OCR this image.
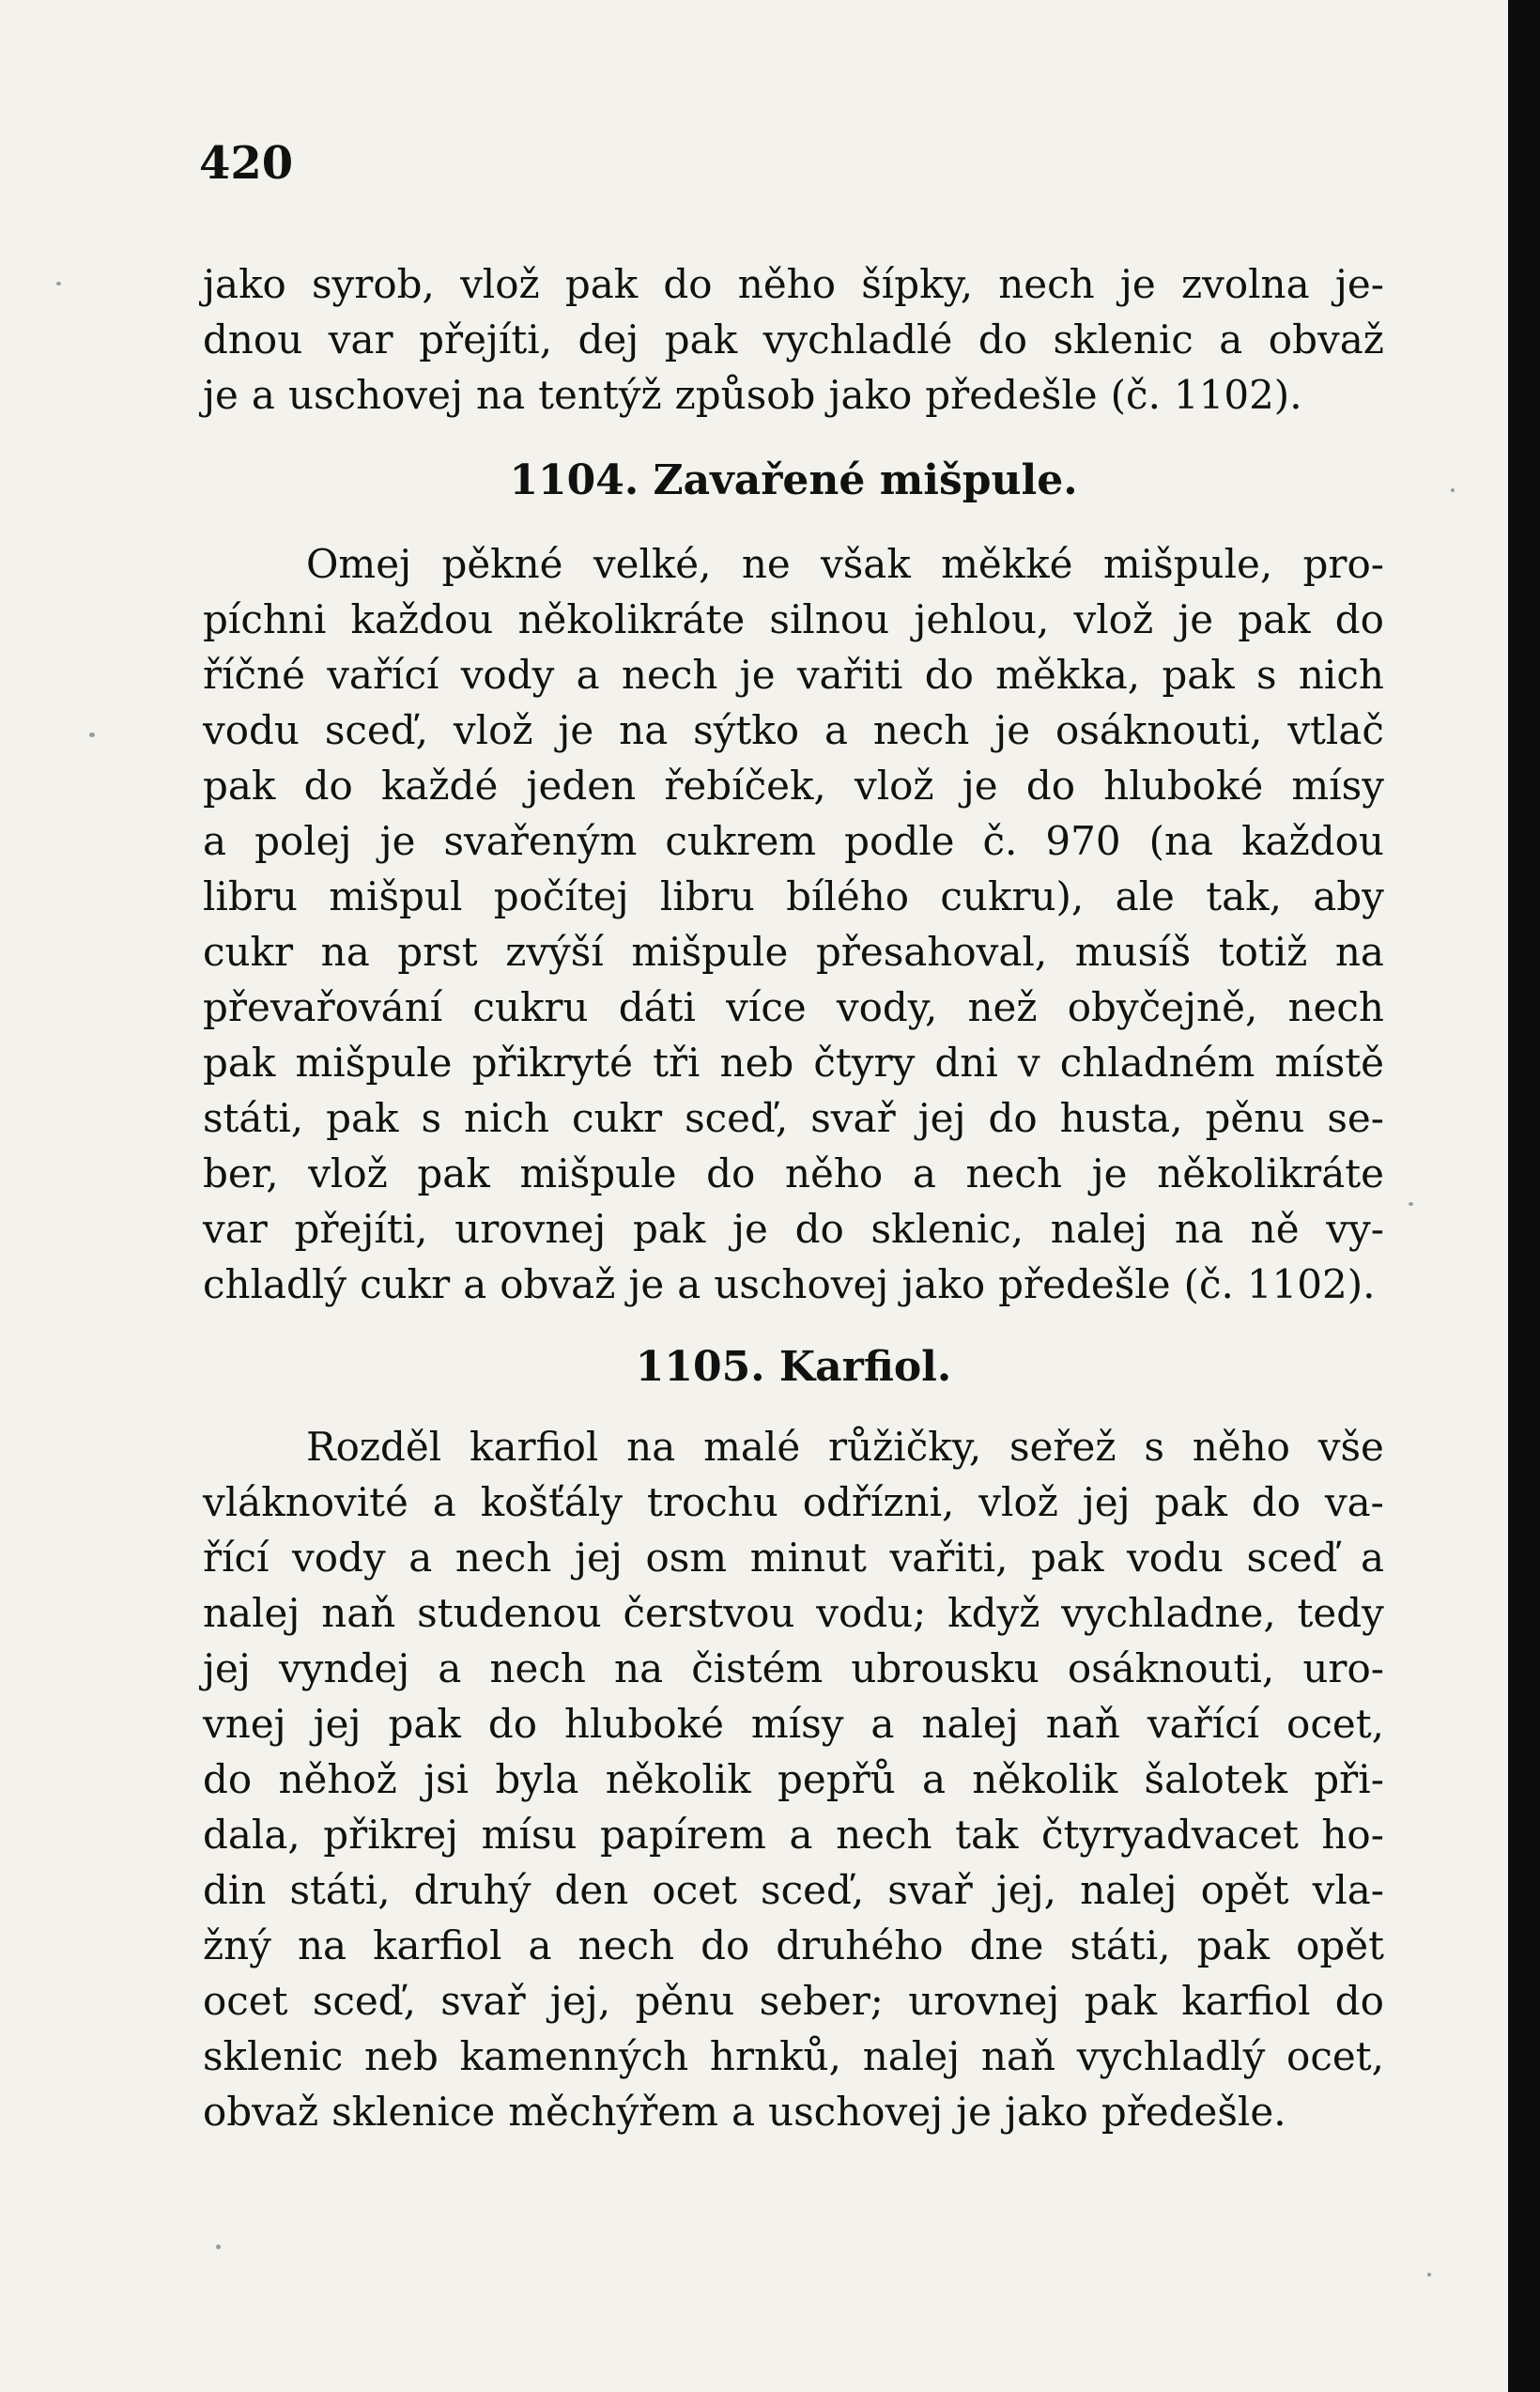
420
jako syrob, vlož pak do něho šípky, nech je zvolna je-
dnou var přejíti, dej pak vychladlé do sklenic a obvaž
je a uschovej na tentýž způsob jako předešle (č. 1102).
1104. Zavařené mišpule.
Omej pěkné velké, ne však měkké mišpule, pro-
píchni každou několikráte silnou jehlou, vlož je pak do
říčné vařící vody a nech je vařiti do měkka, pak s nich
vodu sceď, vlož je na sýtko a nech je osáknouti, vtlač
pak do každé jeden řebíček, vlož je do hluboké mísy
a polej je svařeným cukrem podle č. 970 (na každou
libru mišpul počítej libru bílého cukru), ale tak, aby
cukr na prst zvýší mišpule přesahoval, musíš totiž na
převařování cukru dáti více vody, než obyčejně, nech
pak mišpule přikryté tři neb čtyry dni v chladném místě
státi, pak s nich cukr sceď, svař jej do husta, pěnu se-
ber, vlož pak mišpule do něho a nech je několikráte
var přejíti, urovnej pak je do sklenic, nalej na ně vy-
chladlý cukr a obvaž je a uschovej jako předešle (č. 1102).
1105. Karfiol.
Rozděl karfiol na malé růžičky, seřež s něho vše
vláknovité a košťály trochu odřízni, vlož jej pak do va-
řící vody a nech jej osm minut vařiti, pak vodu sceď a
nalej naň studenou čerstvou vodu; když vychladne, tedy
jej vyndej a nech na čistém ubrousku osáknouti, uro-
vnej jej pak do hluboké mísy a nalej naň vařící ocet,
do něhož jsi byla několik pepřů a několik šalotek při-
dala, přikrej mísu papírem a nech tak čtyryadvacet ho-
din státi, druhý den ocet sceď, svař jej, nalej opět vla-
žný na karfiol a nech do druhého dne státi, pak opět
ocet sceď, svař jej, pěnu seber; urovnej pak karfiol do
sklenic neb kamenných hrnků, nalej naň vychladlý ocet,
obvaž sklenice měchýřem a uschovej je jako předešle.
